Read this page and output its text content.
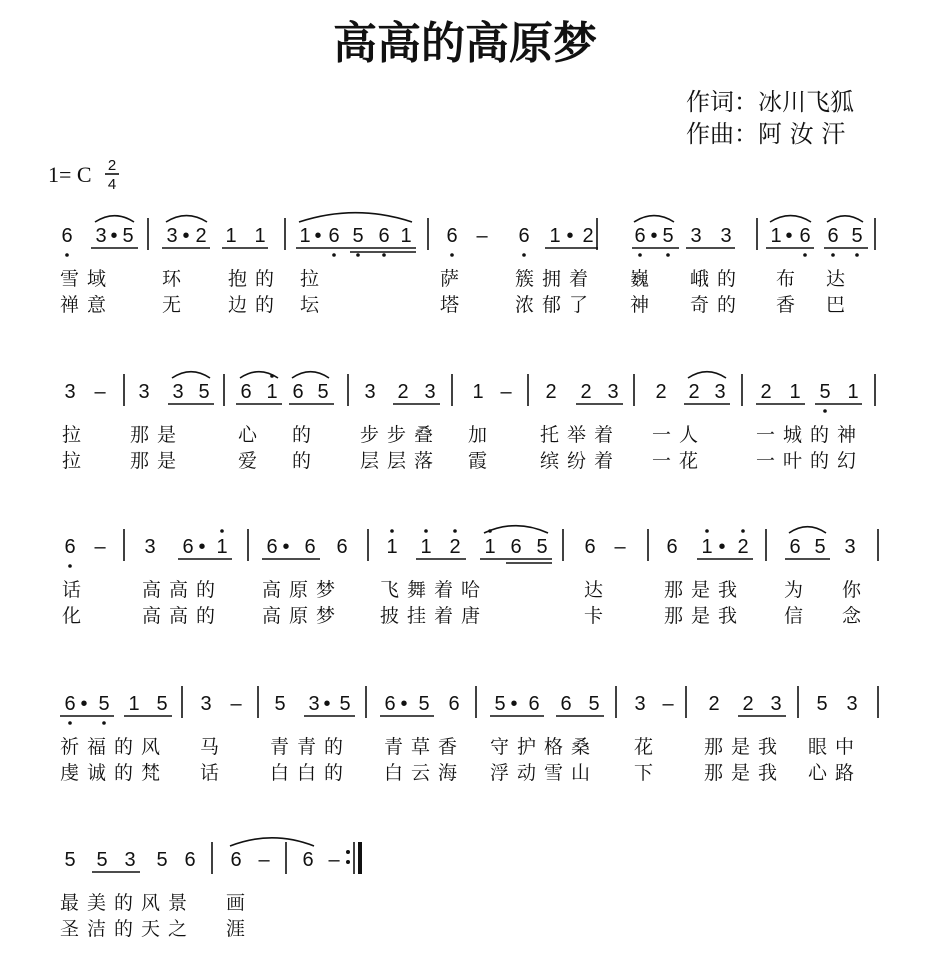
高高的高原梦
作词：冰川飞狐
作曲：阿 汝 汗
1= C 2
4
6 3 • 5 3 • 2 1 1 1 • 6 5 6 1 6 – 6 1 • 2 6 • 5 3 3 1 • 6 6 5
雪域	环 抱的 拉	萨	簇拥着 巍 峨的 布 达
禅意	无 边的 坛	塔	浓郁了 神 奇的 香 巴
3 – 3 3 5 6 1 6 5 3 2 3 1 – 2 2 3 2 2 3 2 1 5 1
拉 那是	心 的 步步叠 加 托举着 一人	一城的神
拉 那是	爱 的 层层落 霞 缤纷着 一花	一叶的幻
6 – 3 6 • 1 6 • 6 6 1 1 2 1 6 5 6 – 6 1 • 2 6 5 3
话	高高的 高原梦 飞舞着哈	达	那是我 为 你
化	高高的 高原梦 披挂着唐	卡	那是我 信 念
6 • 5 1 5 3 – 5 3 • 5 6 • 5 6 5 • 6 6 5 3 – 2 2 3 5 3
祈福的风 马 青青的 青草香 守护格桑 花 那是我 眼中
虔诚的梵 话 白白的 白云海 浮动雪山 下 那是我 心路
5 5 3 5 6 6 – 6 –
最美的风景 画
圣洁的天之 涯
